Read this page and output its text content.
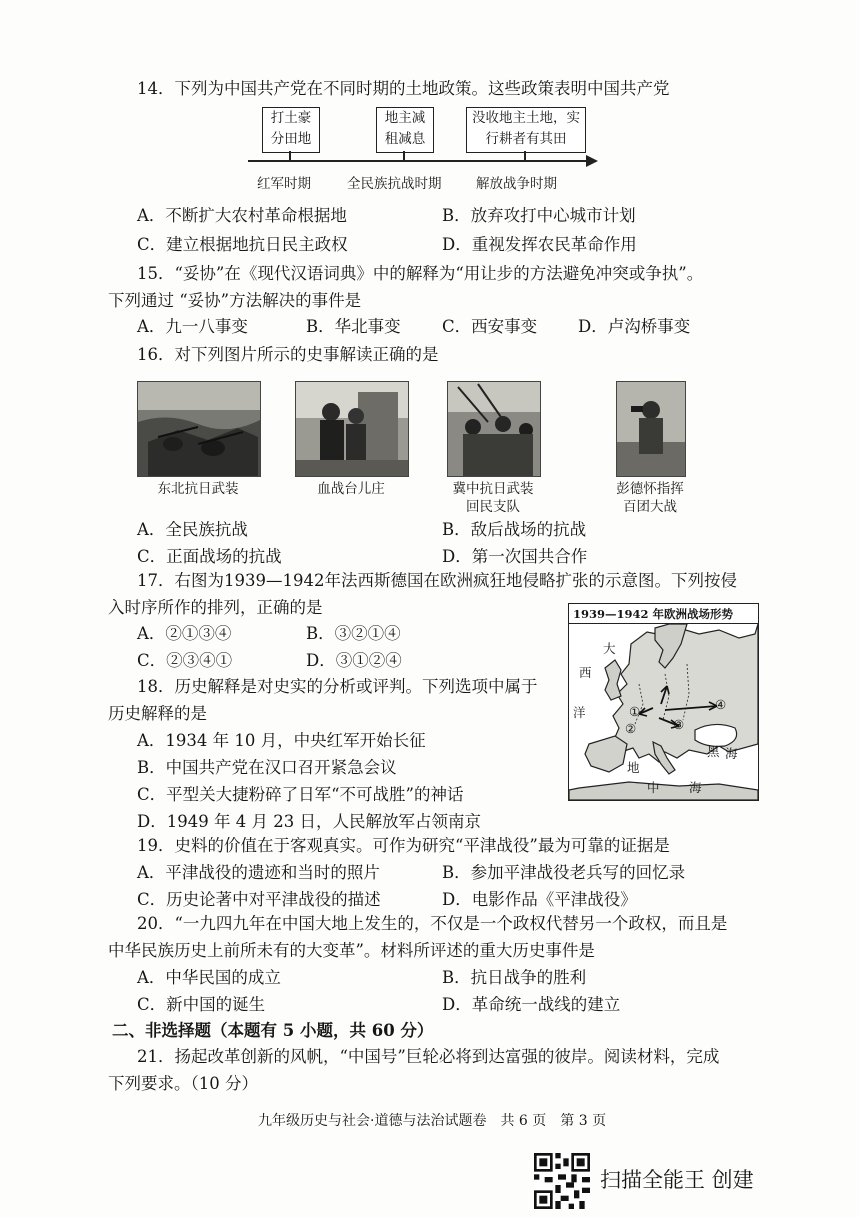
14．下列为中国共产党在不同时期的土地政策。这些政策表明中国共产党
打土豪
分田地
地主减
租减息
没收地主土地，实
行耕者有其田
红军时期	全民族抗战时期	解放战争时期
A．不断扩大农村革命根据地	B．放弃攻打中心城市计划
C．建立根据地抗日民主政权	D．重视发挥农民革命作用
15．“妥协”在《现代汉语词典》中的解释为“用让步的方法避免冲突或争执”。
下列通过 “妥协”方法解决的事件是
A．九一八事变	B．华北事变	C．西安事变 D．卢沟桥事变
16．对下列图片所示的史事解读正确的是
东北抗日武装	血战台儿庄	冀中抗日武装
回民支队
彭德怀指挥
百团大战
A．全民族抗战	B．敌后战场的抗战
C．正面战场的抗战	D．第一次国共合作
17．右图为1939—1942年法西斯德国在欧洲疯狂地侵略扩张的示意图。下列按侵
入时序所作的排列，正确的是
A．②①③④	B．③②①④
C．②③④①	D．③①②④
1939—1942 年欧洲战场形势
大
西
洋
黑 海
地
中 海
①
②	③
④
18．历史解释是对史实的分析或评判。下列选项中属于
历史解释的是
A．1934 年 10 月，中央红军开始长征
B．中国共产党在汉口召开紧急会议
C．平型关大捷粉碎了日军“不可战胜”的神话
D．1949 年 4 月 23 日，人民解放军占领南京
19．史料的价值在于客观真实。可作为研究“平津战役”最为可靠的证据是
A．平津战役的遗迹和当时的照片	B．参加平津战役老兵写的回忆录
C．历史论著中对平津战役的描述	D．电影作品《平津战役》
20．“一九四九年在中国大地上发生的，不仅是一个政权代替另一个政权，而且是
中华民族历史上前所未有的大变革”。材料所评述的重大历史事件是
A．中华民国的成立	B．抗日战争的胜利
C．新中国的诞生	D．革命统一战线的建立
二、非选择题（本题有 5 小题，共 60 分）
21．扬起改革创新的风帆，“中国号”巨轮必将到达富强的彼岸。阅读材料，完成
下列要求。（10 分）
九年级历史与社会·道德与法治试题卷　共 6 页　第 3 页
扫描全能王 创建
